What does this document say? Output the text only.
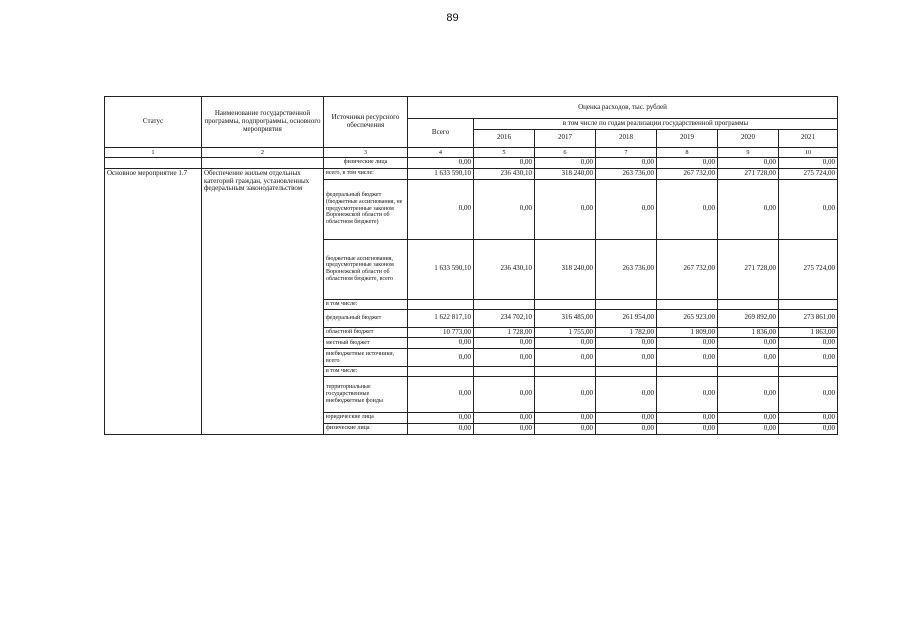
89
Статус	Наименование государственной программы, подпрограммы, основного мероприятия	Источники ресурсного обеспечения	Оценка расходов, тыс. рублей						
			Всего	в том числе по годам реализации государственной программы					
				2016	2017	2018	2019	2020	2021
1	2	3	4	5	6	7	8	9	10
		физические лица	0,00	0,00	0,00	0,00	0,00	0,00	0,00
Основное мероприятие 1.7	Обеспечение жильем отдельных категорий граждан, установленных федеральным законодательством	всего, в том числе:	1 633 590,10	236 430,10	318 240,00	263 736,00	267 732,00	271 728,00	275 724,00
		федеральный бюджет (бюджетные ассигнования, не предусмотренные законом Воронежской области об областном бюджете)	0,00	0,00	0,00	0,00	0,00	0,00	0,00
		бюджетные ассигнования, предусмотренные законом Воронежской области об областном бюджете, всего	1 633 590,10	236 430,10	318 240,00	263 736,00	267 732,00	271 728,00	275 724,00
		в том числе:							
		федеральный бюджет	1 622 817,10	234 702,10	316 485,00	261 954,00	265 923,00	269 892,00	273 861,00
		областной бюджет	10 773,00	1 728,00	1 755,00	1 782,00	1 809,00	1 836,00	1 863,00
		местный бюджет	0,00	0,00	0,00	0,00	0,00	0,00	0,00
		внебюджетные источники, всего	0,00	0,00	0,00	0,00	0,00	0,00	0,00
		в том числе:							
		территориальные государственные внебюджетные фонды	0,00	0,00	0,00	0,00	0,00	0,00	0,00
		юридические лица	0,00	0,00	0,00	0,00	0,00	0,00	0,00
		физические лица	0,00	0,00	0,00	0,00	0,00	0,00	0,00
